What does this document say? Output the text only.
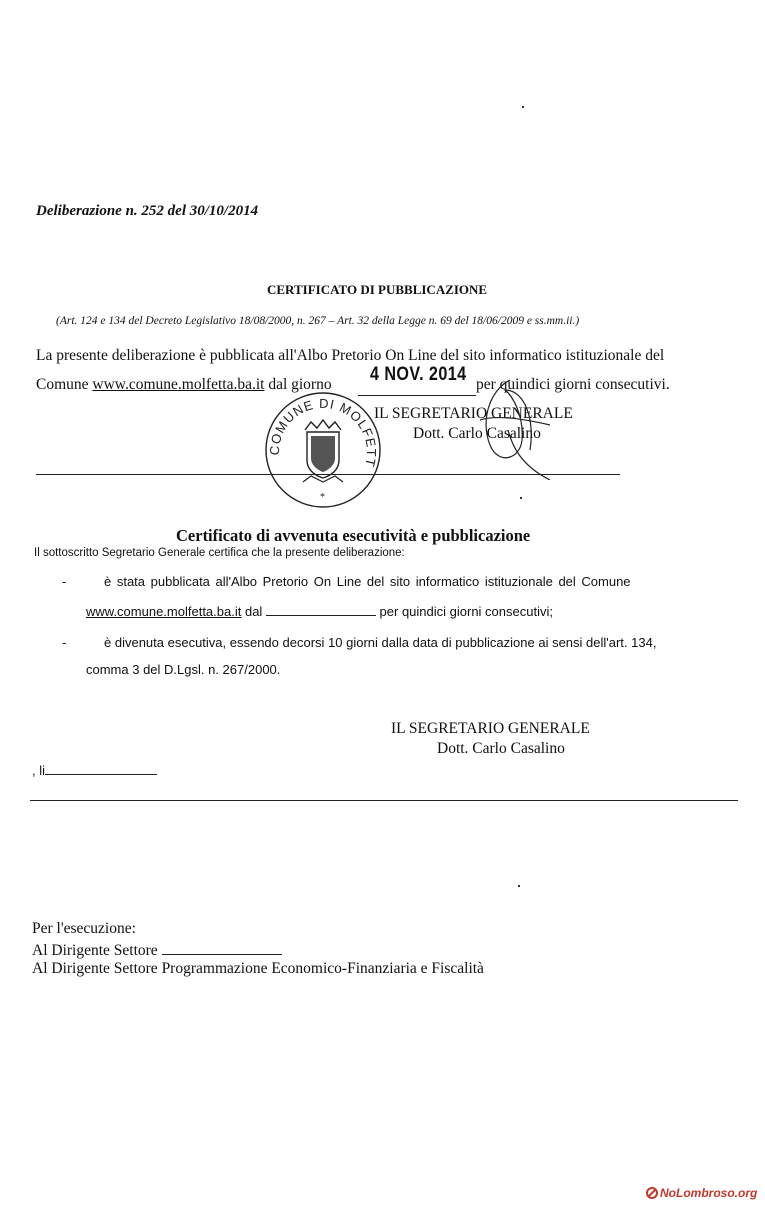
Deliberazione n. 252 del 30/10/2014
CERTIFICATO DI PUBBLICAZIONE
(Art. 124 e 134 del Decreto Legislativo 18/08/2000, n. 267 – Art. 32 della Legge n. 69 del 18/06/2009 e ss.mm.ii.)
La presente deliberazione è pubblicata all'Albo Pretorio On Line del sito informatico istituzionale del
Comune www.comune.molfetta.ba.it dal giorno	per quindici giorni consecutivi.
4 NOV. 2014
IL SEGRETARIO GENERALE
Dott. Carlo Casalino
COMUNE DI MOLFETT
*
Certificato di avvenuta esecutività e pubblicazione
Il sottoscritto Segretario Generale certifica che la presente deliberazione:
-	è stata pubblicata all'Albo Pretorio On Line del sito informatico istituzionale del Comune
www.comune.molfetta.ba.it dal	per quindici giorni consecutivi;
-	è divenuta esecutiva, essendo decorsi 10 giorni dalla data di pubblicazione ai sensi dell'art. 134,
comma 3 del D.Lgsl. n. 267/2000.
IL SEGRETARIO GENERALE
Dott. Carlo Casalino
, li
Per l'esecuzione:
Al Dirigente Settore
Al Dirigente Settore Programmazione Economico-Finanziaria e Fiscalità
NoLombroso.org
